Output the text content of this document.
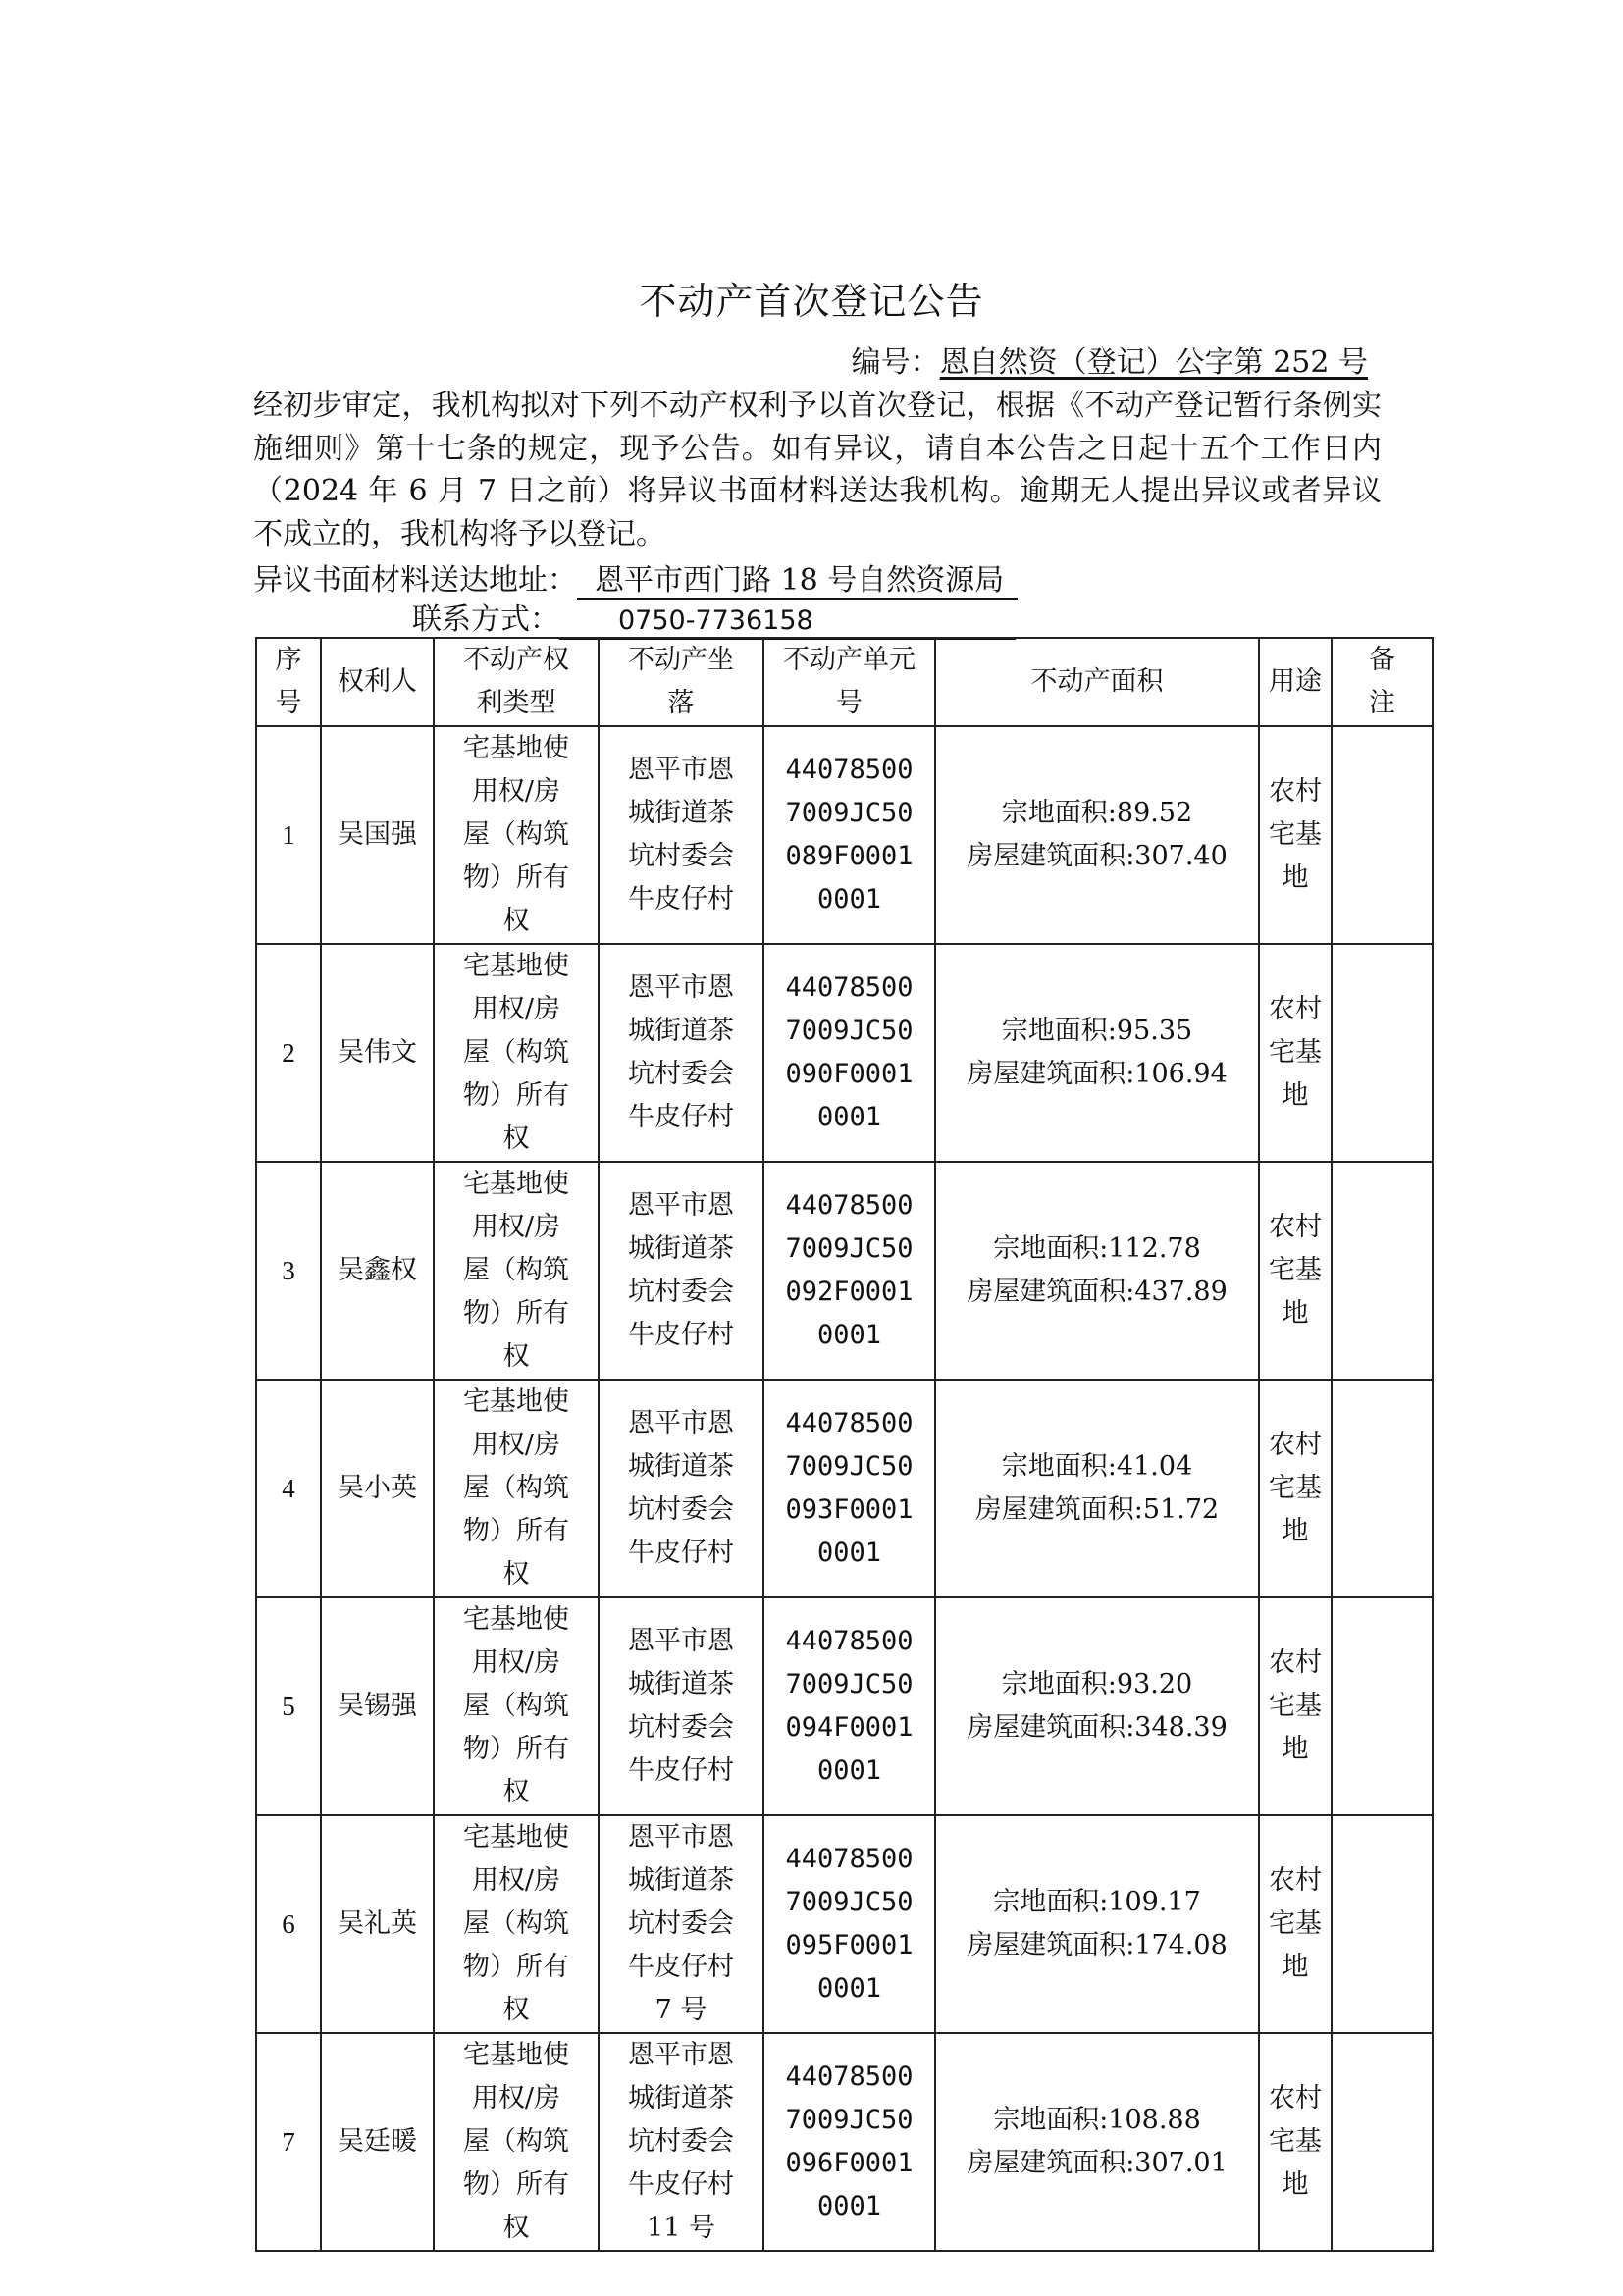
不动产首次登记公告
编号：恩自然资（登记）公字第 252 号
经初步审定，我机构拟对下列不动产权利予以首次登记，根据《不动产登记暂行条例实施细则》第十七条的规定，现予公告。如有异议，请自本公告之日起十五个工作日内（2024 年 6 月 7 日之前）将异议书面材料送达我机构。逾期无人提出异议或者异议不成立的，我机构将予以登记。
异议书面材料送达地址： 恩平市西门路 18 号自然资源局
联系方式： 0750-7736158
序号	权利人	不动产权利类型	不动产坐落	不动产单元号	不动产面积	用途	备注

1	吴国强	宅基地使用权/房屋（构筑物）所有权	恩平市恩城街道茶坑村委会牛皮仔村	440785007009JC50089F00010001	宗地面积:89.52
房屋建筑面积:307.40	农村宅基地	

2	吴伟文	宅基地使用权/房屋（构筑物）所有权	恩平市恩城街道茶坑村委会牛皮仔村	440785007009JC50090F00010001	宗地面积:95.35
房屋建筑面积:106.94	农村宅基地	

3	吴鑫权	宅基地使用权/房屋（构筑物）所有权	恩平市恩城街道茶坑村委会牛皮仔村	440785007009JC50092F00010001	宗地面积:112.78
房屋建筑面积:437.89	农村宅基地	

4	吴小英	宅基地使用权/房屋（构筑物）所有权	恩平市恩城街道茶坑村委会牛皮仔村	440785007009JC50093F00010001	宗地面积:41.04
房屋建筑面积:51.72	农村宅基地	

5	吴锡强	宅基地使用权/房屋（构筑物）所有权	恩平市恩城街道茶坑村委会牛皮仔村	440785007009JC50094F00010001	宗地面积:93.20
房屋建筑面积:348.39	农村宅基地	

6	吴礼英	宅基地使用权/房屋（构筑物）所有权	恩平市恩城街道茶坑村委会牛皮仔村 7 号	440785007009JC50095F00010001	宗地面积:109.17
房屋建筑面积:174.08	农村宅基地	

7	吴廷暖	宅基地使用权/房屋（构筑物）所有权	恩平市恩城街道茶坑村委会牛皮仔村 11 号	440785007009JC50096F00010001	宗地面积:108.88
房屋建筑面积:307.01	农村宅基地	
